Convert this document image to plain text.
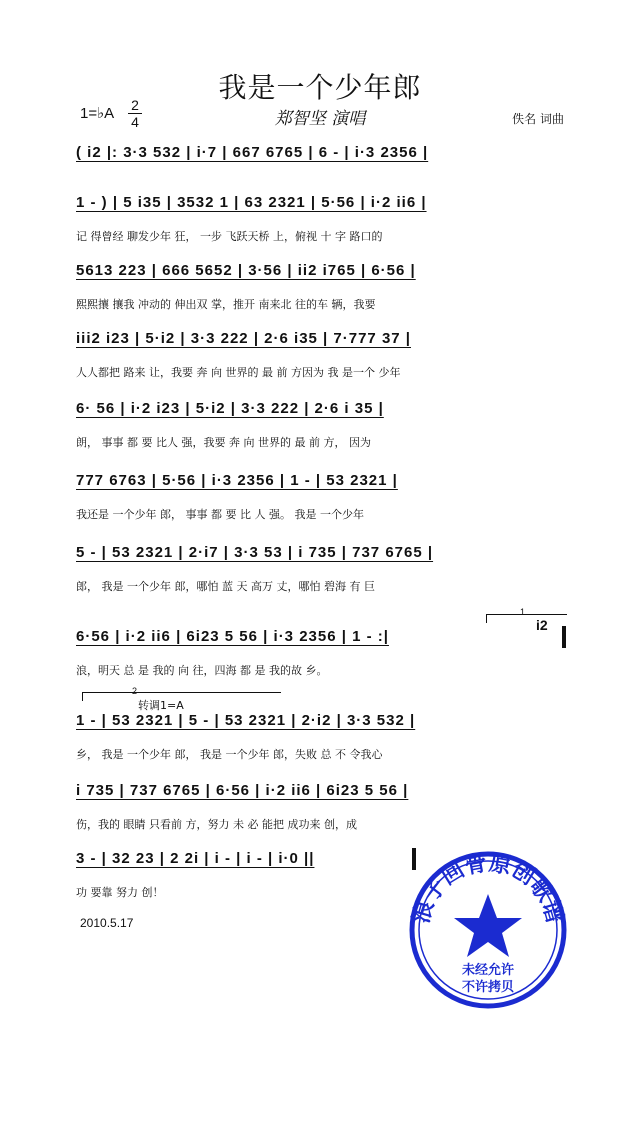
我是一个少年郎
1=♭A 2
4	郑智坚 演唱	佚名 词曲
( i2 |: 3·3 532 | i·7 | 667 6765 | 6 - | i·3 2356 |
1 - ) | 5 i35 | 3532 1 | 63 2321 | 5·56 | i·2 ii6 |
记 得曾经 聊发少年 狂， 一步 飞跃天桥 上，俯视 十 字 路口的
5613 223 | 666 5652 | 3·56 | ii2 i765 | 6·56 |
熙熙攘 攘我 冲动的 伸出双 掌，推开 南来北 往的车 辆，我要
iii2 i23 | 5·i2 | 3·3 222 | 2·6 i35 | 7·777 37 |
人人都把 路来 让，我要 奔 向 世界的 最 前 方因为 我 是一个 少年
6· 56 | i·2 i23 | 5·i2 | 3·3 222 | 2·6 i 35 |
朗， 事事 都 要 比人 强，我要 奔 向 世界的 最 前 方， 因为
777 6763 | 5·56 | i·3 2356 | 1 - | 53 2321 |
我还是 一个少年 郎， 事事 都 要 比 人 强。 我是 一个少年
5 - | 53 2321 | 2·i7 | 3·3 53 | i 735 | 737 6765 |
郎， 我是 一个少年 郎，哪怕 蓝 天 高万 丈，哪怕 碧海 有 巨
6·56 | i·2 ii6 | 6i23 5 56 | i·3 2356 | 1 - :|
浪，明天 总 是 我的 向 往，四海 都 是 我的故 乡。
1
i2
2
转调1=A
1 - | 53 2321 | 5 - | 53 2321 | 2·i2 | 3·3 532 |
乡， 我是 一个少年 郎， 我是 一个少年 郎，失败 总 不 令我心
i 735 | 737 6765 | 6·56 | i·2 ii6 | 6i23 5 56 |
伤，我的 眼睛 只看前 方，努力 未 必 能把 成功来 创，成
3 - | 32 23 | 2 2i | i - | i - | i·0 ||
功 要靠 努力 创！
2010.5.17	浪子回骨原创歌谱
未经允许
不许拷贝
